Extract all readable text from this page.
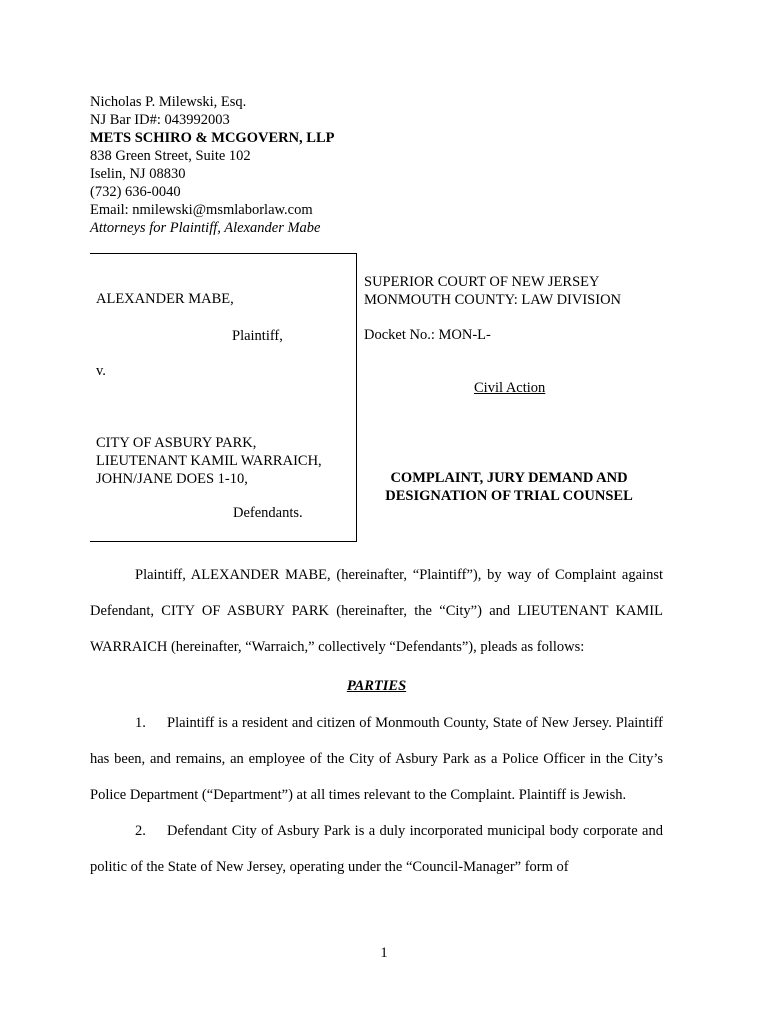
Nicholas P. Milewski, Esq.
NJ Bar ID#: 043992003
METS SCHIRO & MCGOVERN, LLP
838 Green Street, Suite 102
Iselin, NJ 08830
(732) 636-0040
Email: nmilewski@msmlaborlaw.com
Attorneys for Plaintiff, Alexander Mabe
ALEXANDER MABE,
Plaintiff,
v.
CITY OF ASBURY PARK,
LIEUTENANT KAMIL WARRAICH,
JOHN/JANE DOES 1-10,
Defendants.
SUPERIOR COURT OF NEW JERSEY
MONMOUTH COUNTY: LAW DIVISION
Docket No.: MON-L-
Civil Action
COMPLAINT, JURY DEMAND AND
DESIGNATION OF TRIAL COUNSEL

Plaintiff, ALEXANDER MABE, (hereinafter, “Plaintiff”), by way of Complaint against Defendant, CITY OF ASBURY PARK (hereinafter, the “City”) and LIEUTENANT KAMIL WARRAICH (hereinafter, “Warraich,” collectively “Defendants”), pleads as follows:

PARTIES

1. Plaintiff is a resident and citizen of Monmouth County, State of New Jersey. Plaintiff has been, and remains, an employee of the City of Asbury Park as a Police Officer in the City’s Police Department (“Department”) at all times relevant to the Complaint. Plaintiff is Jewish.

2. Defendant City of Asbury Park is a duly incorporated municipal body corporate and politic of the State of New Jersey, operating under the “Council-Manager” form of

1
